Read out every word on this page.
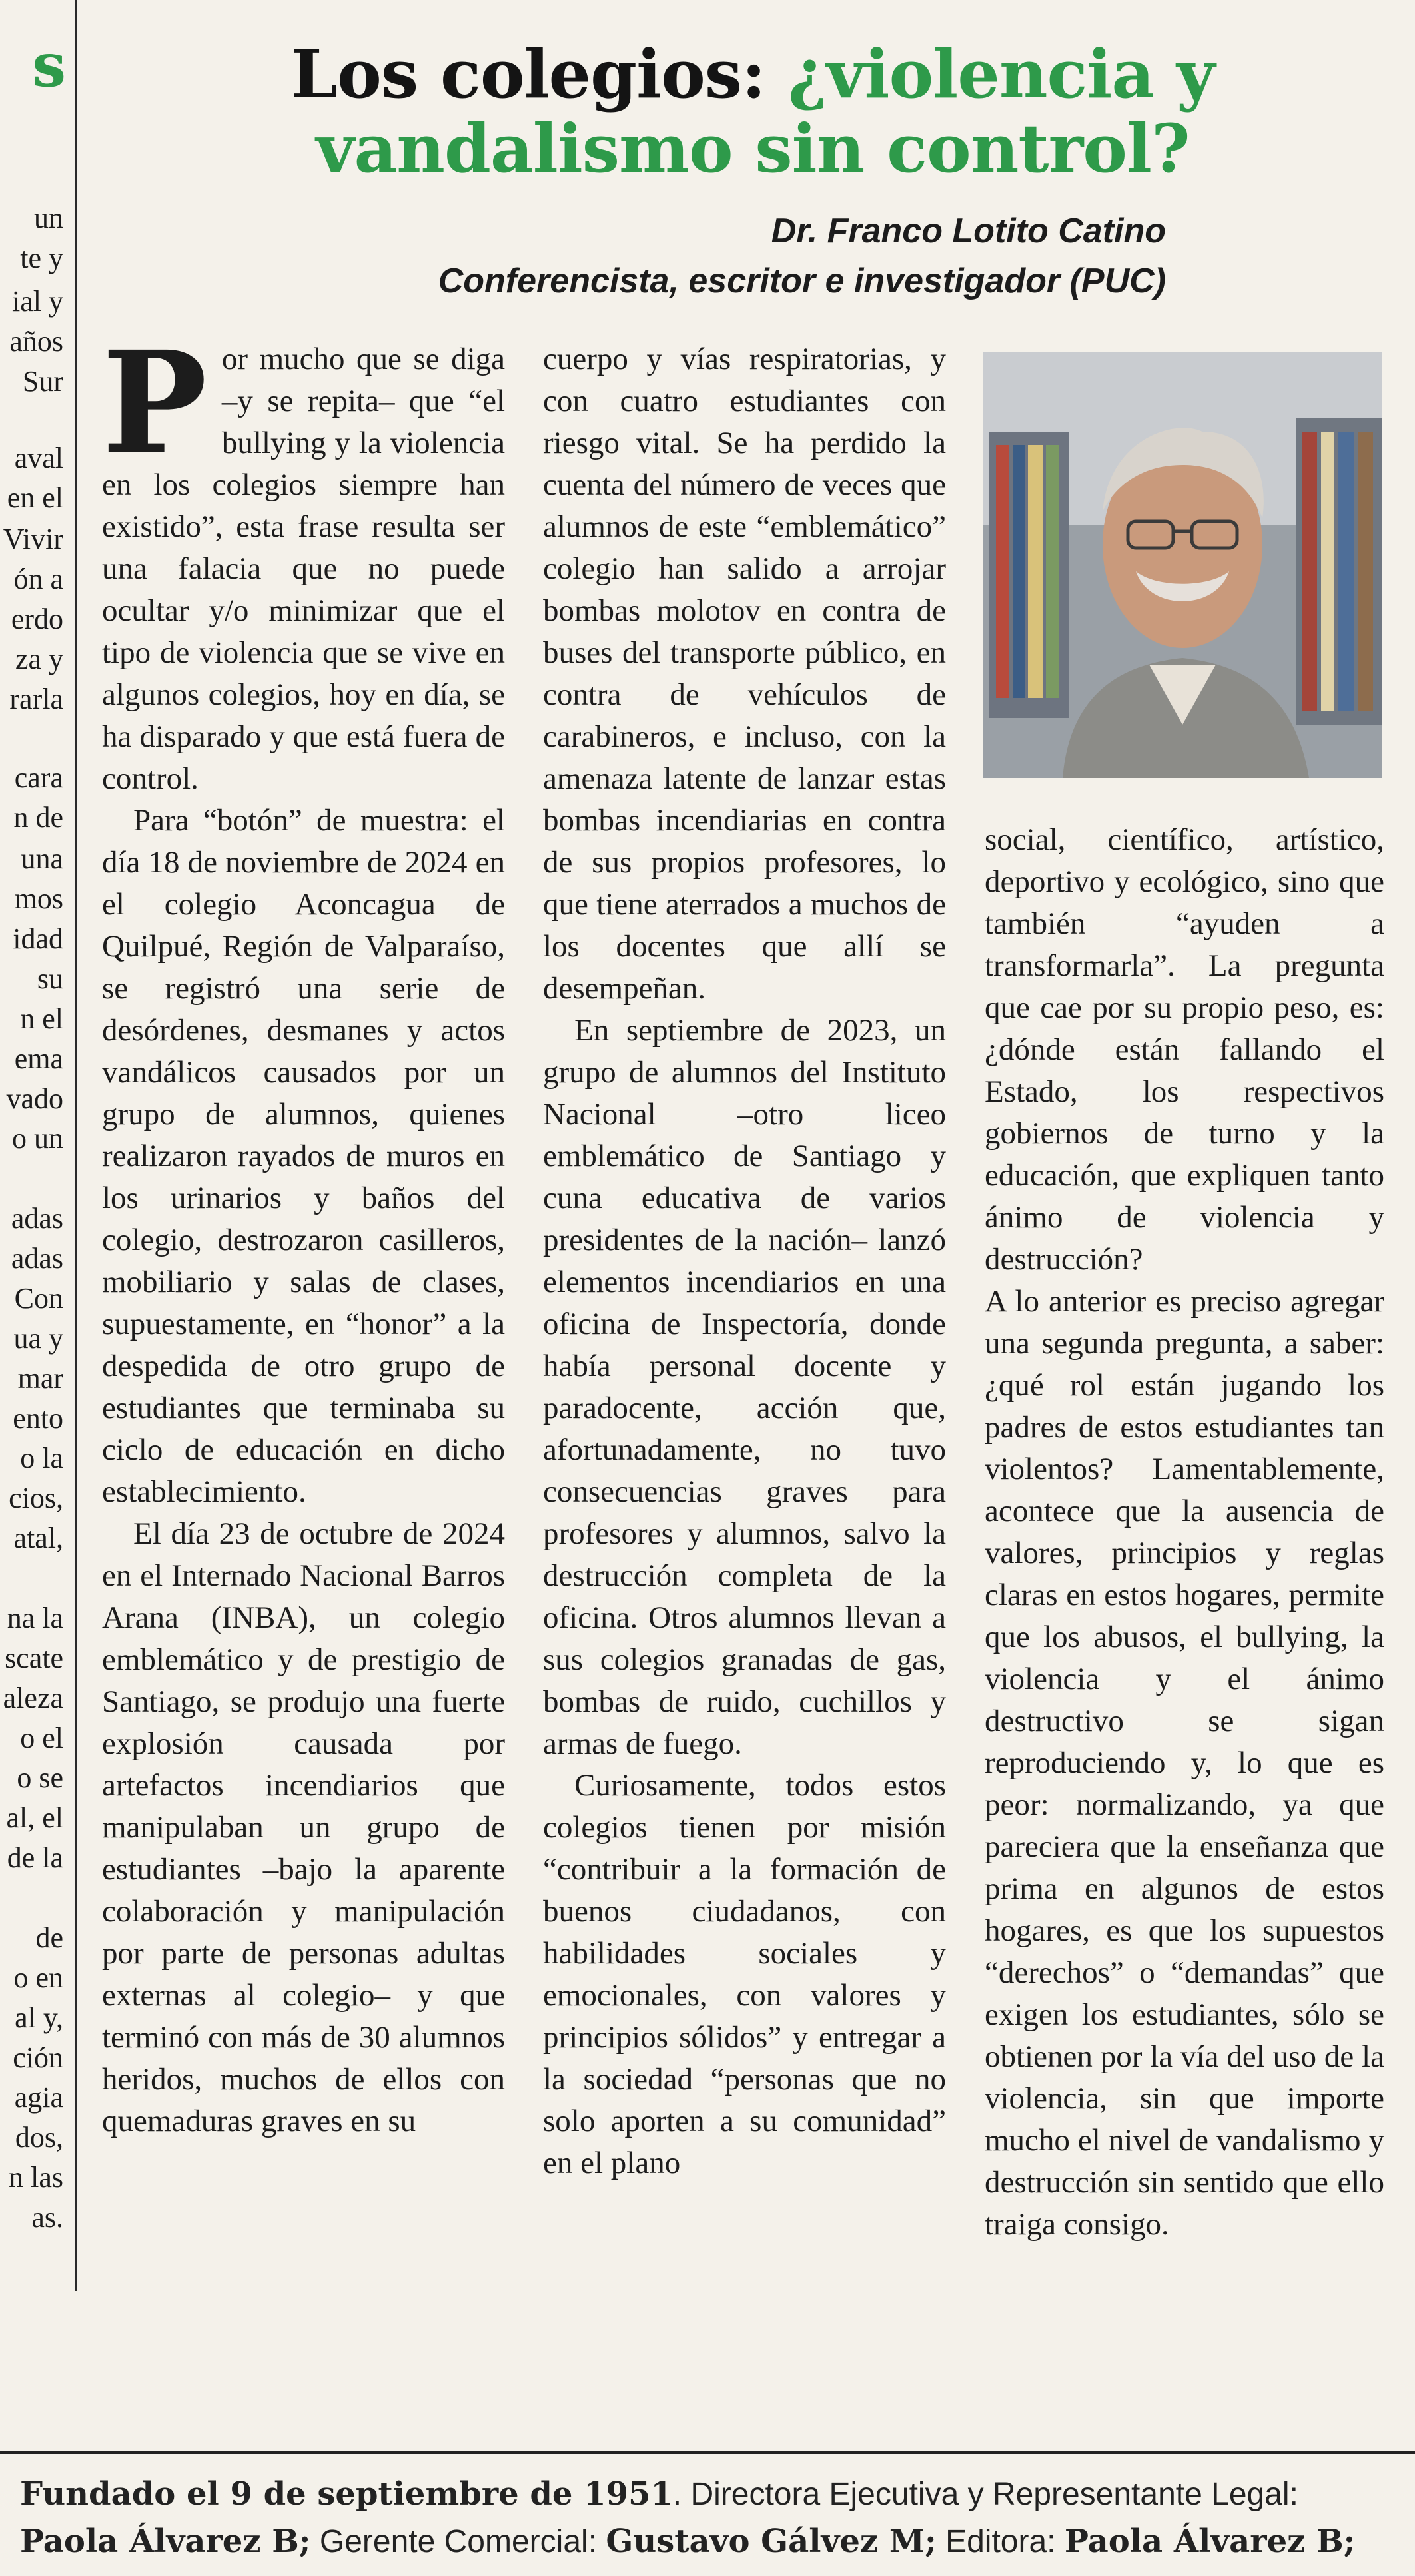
s
un
te y
ial y
años
Sur
aval
en el
Vivir
ón a
erdo
za y
rarla
cara
n de
una
mos
idad
su
n el
ema
vado
o un
adas
adas
Con
ua y
mar
ento
o la
cios,
atal,
na la
scate
aleza
o el
o se
al, el
de la
de
o en
al y,
ción
agia
dos,
n las
as.
Los colegios: ¿violencia y vandalismo sin control?
Dr. Franco Lotito Catino
Conferencista, escritor e investigador (PUC)

Por mucho que se diga –y se repita– que “el bullying y la violencia en los colegios siempre han existido”, esta frase resulta ser una falacia que no puede ocultar y/o minimizar que el tipo de violencia que se vive en algunos colegios, hoy en día, se ha disparado y que está fuera de control.

Para “botón” de muestra: el día 18 de noviembre de 2024 en el colegio Aconcagua de Quilpué, Región de Valparaíso, se registró una serie de desórdenes, desmanes y actos vandálicos causados por un grupo de alumnos, quienes realizaron rayados de muros en los urinarios y baños del colegio, destrozaron casilleros, mobiliario y salas de clases, supuestamente, en “honor” a la despedida de otro grupo de estudiantes que terminaba su ciclo de educación en dicho establecimiento.

El día 23 de octubre de 2024 en el Internado Nacional Barros Arana (INBA), un colegio emblemático y de prestigio de Santiago, se produjo una fuerte explosión causada por artefactos incendiarios que manipulaban un grupo de estudiantes –bajo la aparente colaboración y manipulación por parte de personas adultas externas al colegio– y que terminó con más de 30 alumnos heridos, muchos de ellos con quemaduras graves en su

cuerpo y vías respiratorias, y con cuatro estudiantes con riesgo vital. Se ha perdido la cuenta del número de veces que alumnos de este “emblemático” colegio han salido a arrojar bombas molotov en contra de buses del transporte público, en contra de vehículos de carabineros, e incluso, con la amenaza latente de lanzar estas bombas incendiarias en contra de sus propios profesores, lo que tiene aterrados a muchos de los docentes que allí se desempeñan.

En septiembre de 2023, un grupo de alumnos del Instituto Nacional –otro liceo emblemático de Santiago y cuna educativa de varios presidentes de la nación– lanzó elementos incendiarios en una oficina de Inspectoría, donde había personal docente y paradocente, acción que, afortunadamente, no tuvo consecuencias graves para profesores y alumnos, salvo la destrucción completa de la oficina. Otros alumnos llevan a sus colegios granadas de gas, bombas de ruido, cuchillos y armas de fuego.

Curiosamente, todos estos colegios tienen por misión “contribuir a la formación de buenos ciudadanos, con habilidades sociales y emocionales, con valores y principios sólidos” y entregar a la sociedad “personas que no solo aporten a su comunidad” en el plano

social, científico, artístico, deportivo y ecológico, sino que también “ayuden a transformarla”. La pregunta que cae por su propio peso, es: ¿dónde están fallando el Estado, los respectivos gobiernos de turno y la educación, que expliquen tanto ánimo de violencia y destrucción?

A lo anterior es preciso agregar una segunda pregunta, a saber: ¿qué rol están jugando los padres de estos estudiantes tan violentos? Lamentablemente, acontece que la ausencia de valores, principios y reglas claras en estos hogares, permite que los abusos, el bullying, la violencia y el ánimo destructivo se sigan reproduciendo y, lo que es peor: normalizando, ya que pareciera que la enseñanza que prima en algunos de estos hogares, es que los supuestos “derechos” o “demandas” que exigen los estudiantes, sólo se obtienen por la vía del uso de la violencia, sin que importe mucho el nivel de vandalismo y destrucción sin sentido que ello traiga consigo.

Fundado el 9 de septiembre de 1951. Directora Ejecutiva y Representante Legal:
Paola Álvarez B; Gerente Comercial: Gustavo Gálvez M; Editora: Paola Álvarez B;
